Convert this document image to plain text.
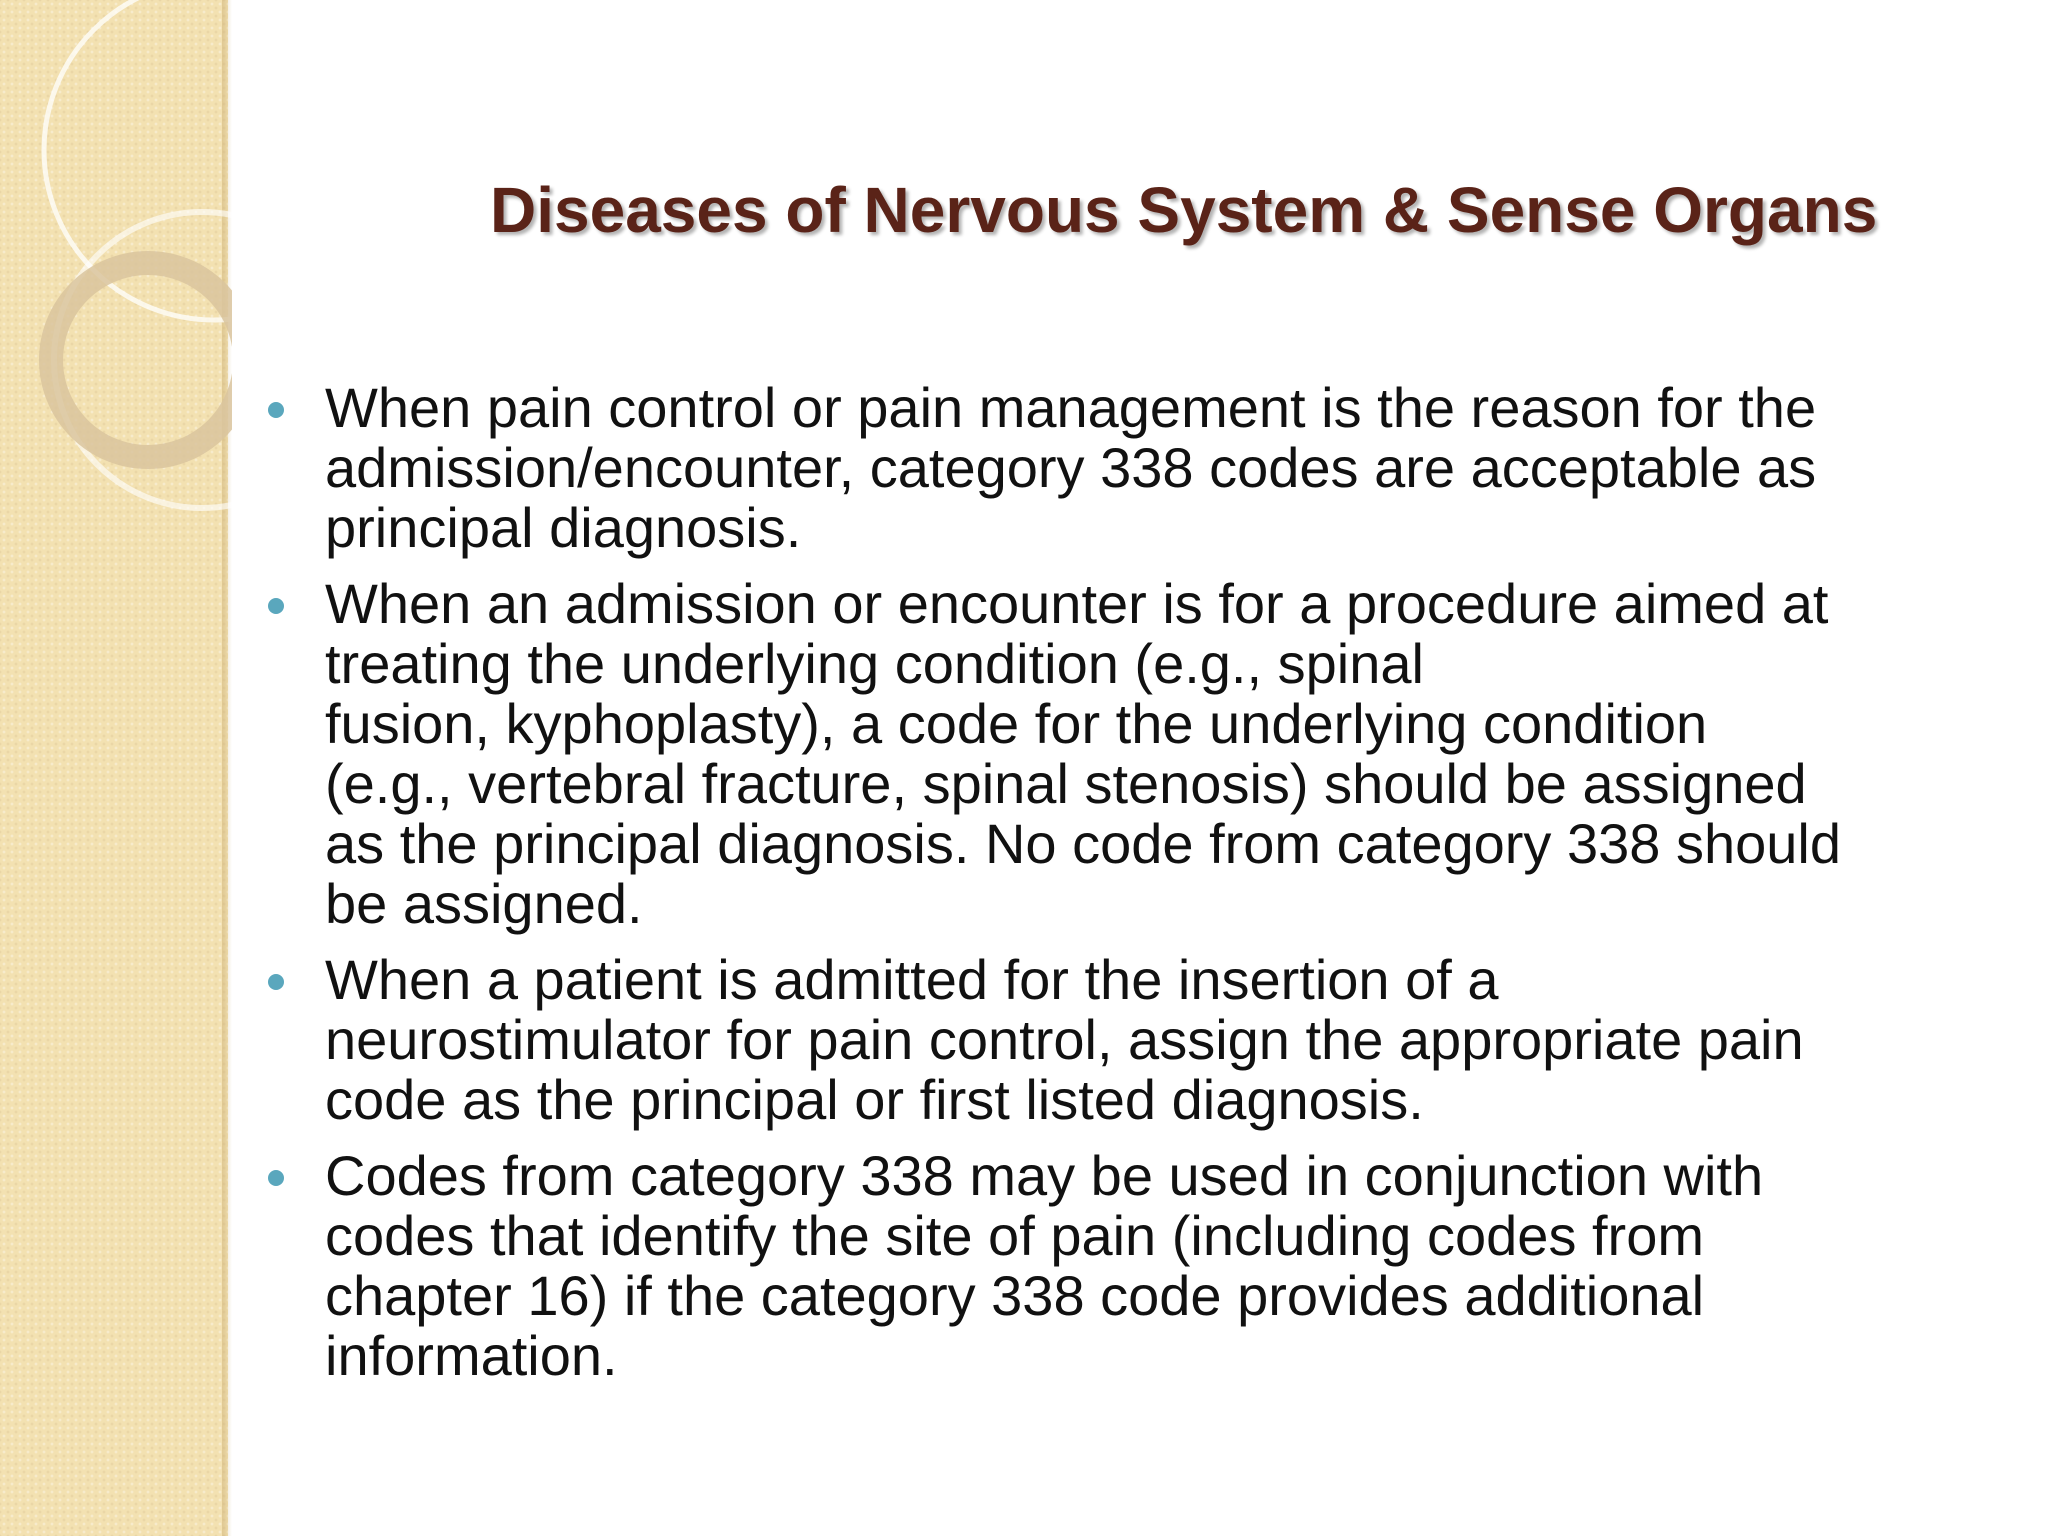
Diseases of Nervous System & Sense Organs
When pain control or pain management is the reason for the
admission/encounter, category 338 codes are acceptable as
principal diagnosis.
When an admission or encounter is for a procedure aimed at
treating the underlying condition (e.g., spinal
fusion, kyphoplasty), a code for the underlying condition
(e.g., vertebral fracture, spinal stenosis) should be assigned
as the principal diagnosis. No code from category 338 should
be assigned.
When a patient is admitted for the insertion of a
neurostimulator for pain control, assign the appropriate pain
code as the principal or first listed diagnosis.
Codes from category 338 may be used in conjunction with
codes that identify the site of pain (including codes from
chapter 16) if the category 338 code provides additional
information.
